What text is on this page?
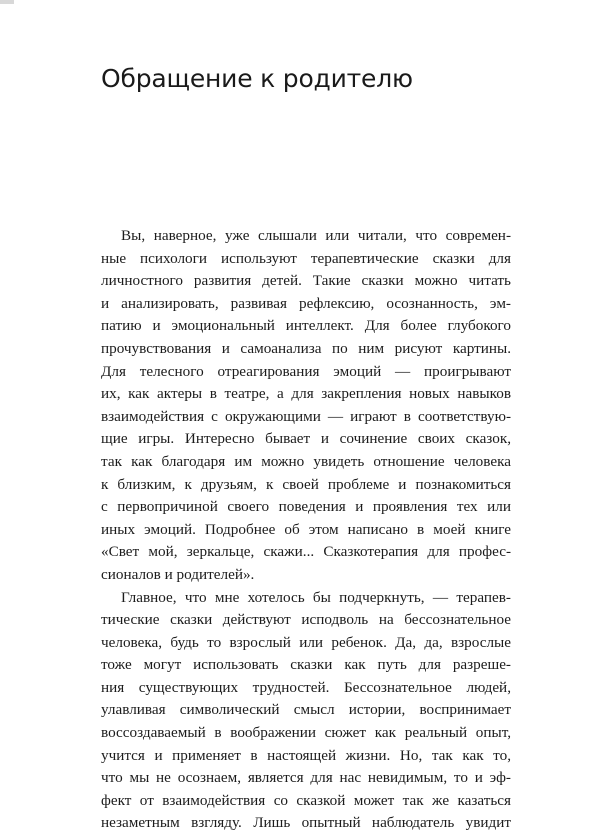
Обращение к родителю
Вы, наверное, уже слышали или читали, что современ-
ные психологи используют терапевтические сказки для
личностного развития детей. Такие сказки можно читать
и анализировать, развивая рефлексию, осознанность, эм-
патию и эмоциональный интеллект. Для более глубокого
прочувствования и самоанализа по ним рисуют картины.
Для телесного отреагирования эмоций — проигрывают
их, как актеры в театре, а для закрепления новых навыков
взаимодействия с окружающими — играют в соответствую-
щие игры. Интересно бывает и сочинение своих сказок,
так как благодаря им можно увидеть отношение человека
к близким, к друзьям, к своей проблеме и познакомиться
с первопричиной своего поведения и проявления тех или
иных эмоций. Подробнее об этом написано в моей книге
«Свет мой, зеркальце, скажи... Сказкотерапия для профес-
сионалов и родителей».
Главное, что мне хотелось бы подчеркнуть, — терапев-
тические сказки действуют исподволь на бессознательное
человека, будь то взрослый или ребенок. Да, да, взрослые
тоже могут использовать сказки как путь для разреше-
ния существующих трудностей. Бессознательное людей,
улавливая символический смысл истории, воспринимает
воссоздаваемый в воображении сюжет как реальный опыт,
учится и применяет в настоящей жизни. Но, так как то,
что мы не осознаем, является для нас невидимым, то и эф-
фект от взаимодействия со сказкой может так же казаться
незаметным взгляду. Лишь опытный наблюдатель увидит
